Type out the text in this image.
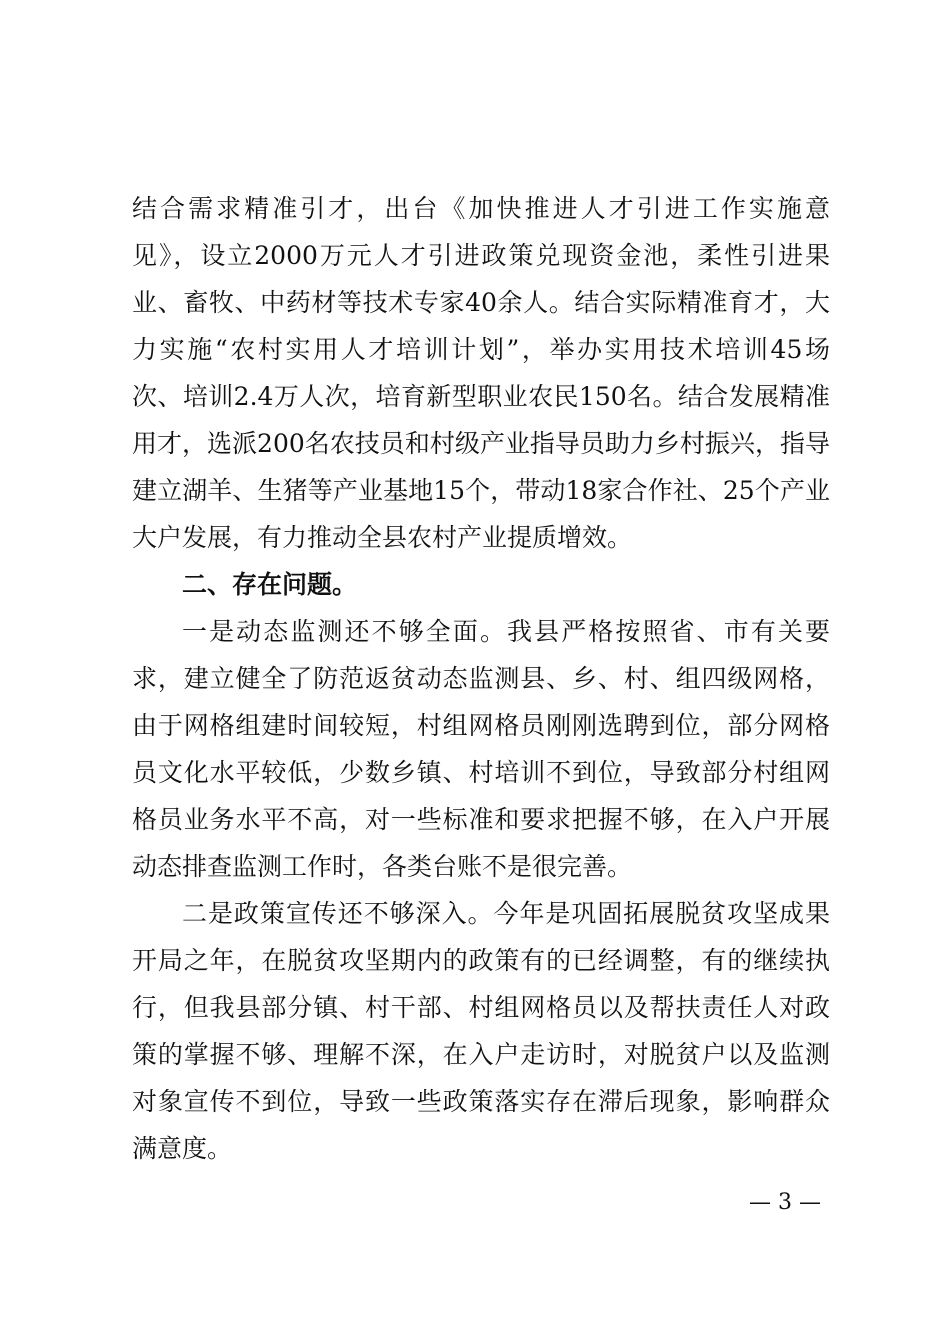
结合需求精准引才，出台《加快推进人才引进工作实施意
见》，设立2000万元人才引进政策兑现资金池，柔性引进果
业、畜牧、中药材等技术专家40余人。结合实际精准育才，大
力实施“农村实用人才培训计划”，举办实用技术培训45场
次、培训2.4万人次，培育新型职业农民150名。结合发展精准
用才，选派200名农技员和村级产业指导员助力乡村振兴，指导
建立湖羊、生猪等产业基地15个，带动18家合作社、25个产业
大户发展，有力推动全县农村产业提质增效。
二、存在问题。
一是动态监测还不够全面。我县严格按照省、市有关要
求，建立健全了防范返贫动态监测县、乡、村、组四级网格，
由于网格组建时间较短，村组网格员刚刚选聘到位，部分网格
员文化水平较低，少数乡镇、村培训不到位，导致部分村组网
格员业务水平不高，对一些标准和要求把握不够，在入户开展
动态排查监测工作时，各类台账不是很完善。
二是政策宣传还不够深入。今年是巩固拓展脱贫攻坚成果
开局之年，在脱贫攻坚期内的政策有的已经调整，有的继续执
行，但我县部分镇、村干部、村组网格员以及帮扶责任人对政
策的掌握不够、理解不深，在入户走访时，对脱贫户以及监测
对象宣传不到位，导致一些政策落实存在滞后现象，影响群众
满意度。
— 3 —
